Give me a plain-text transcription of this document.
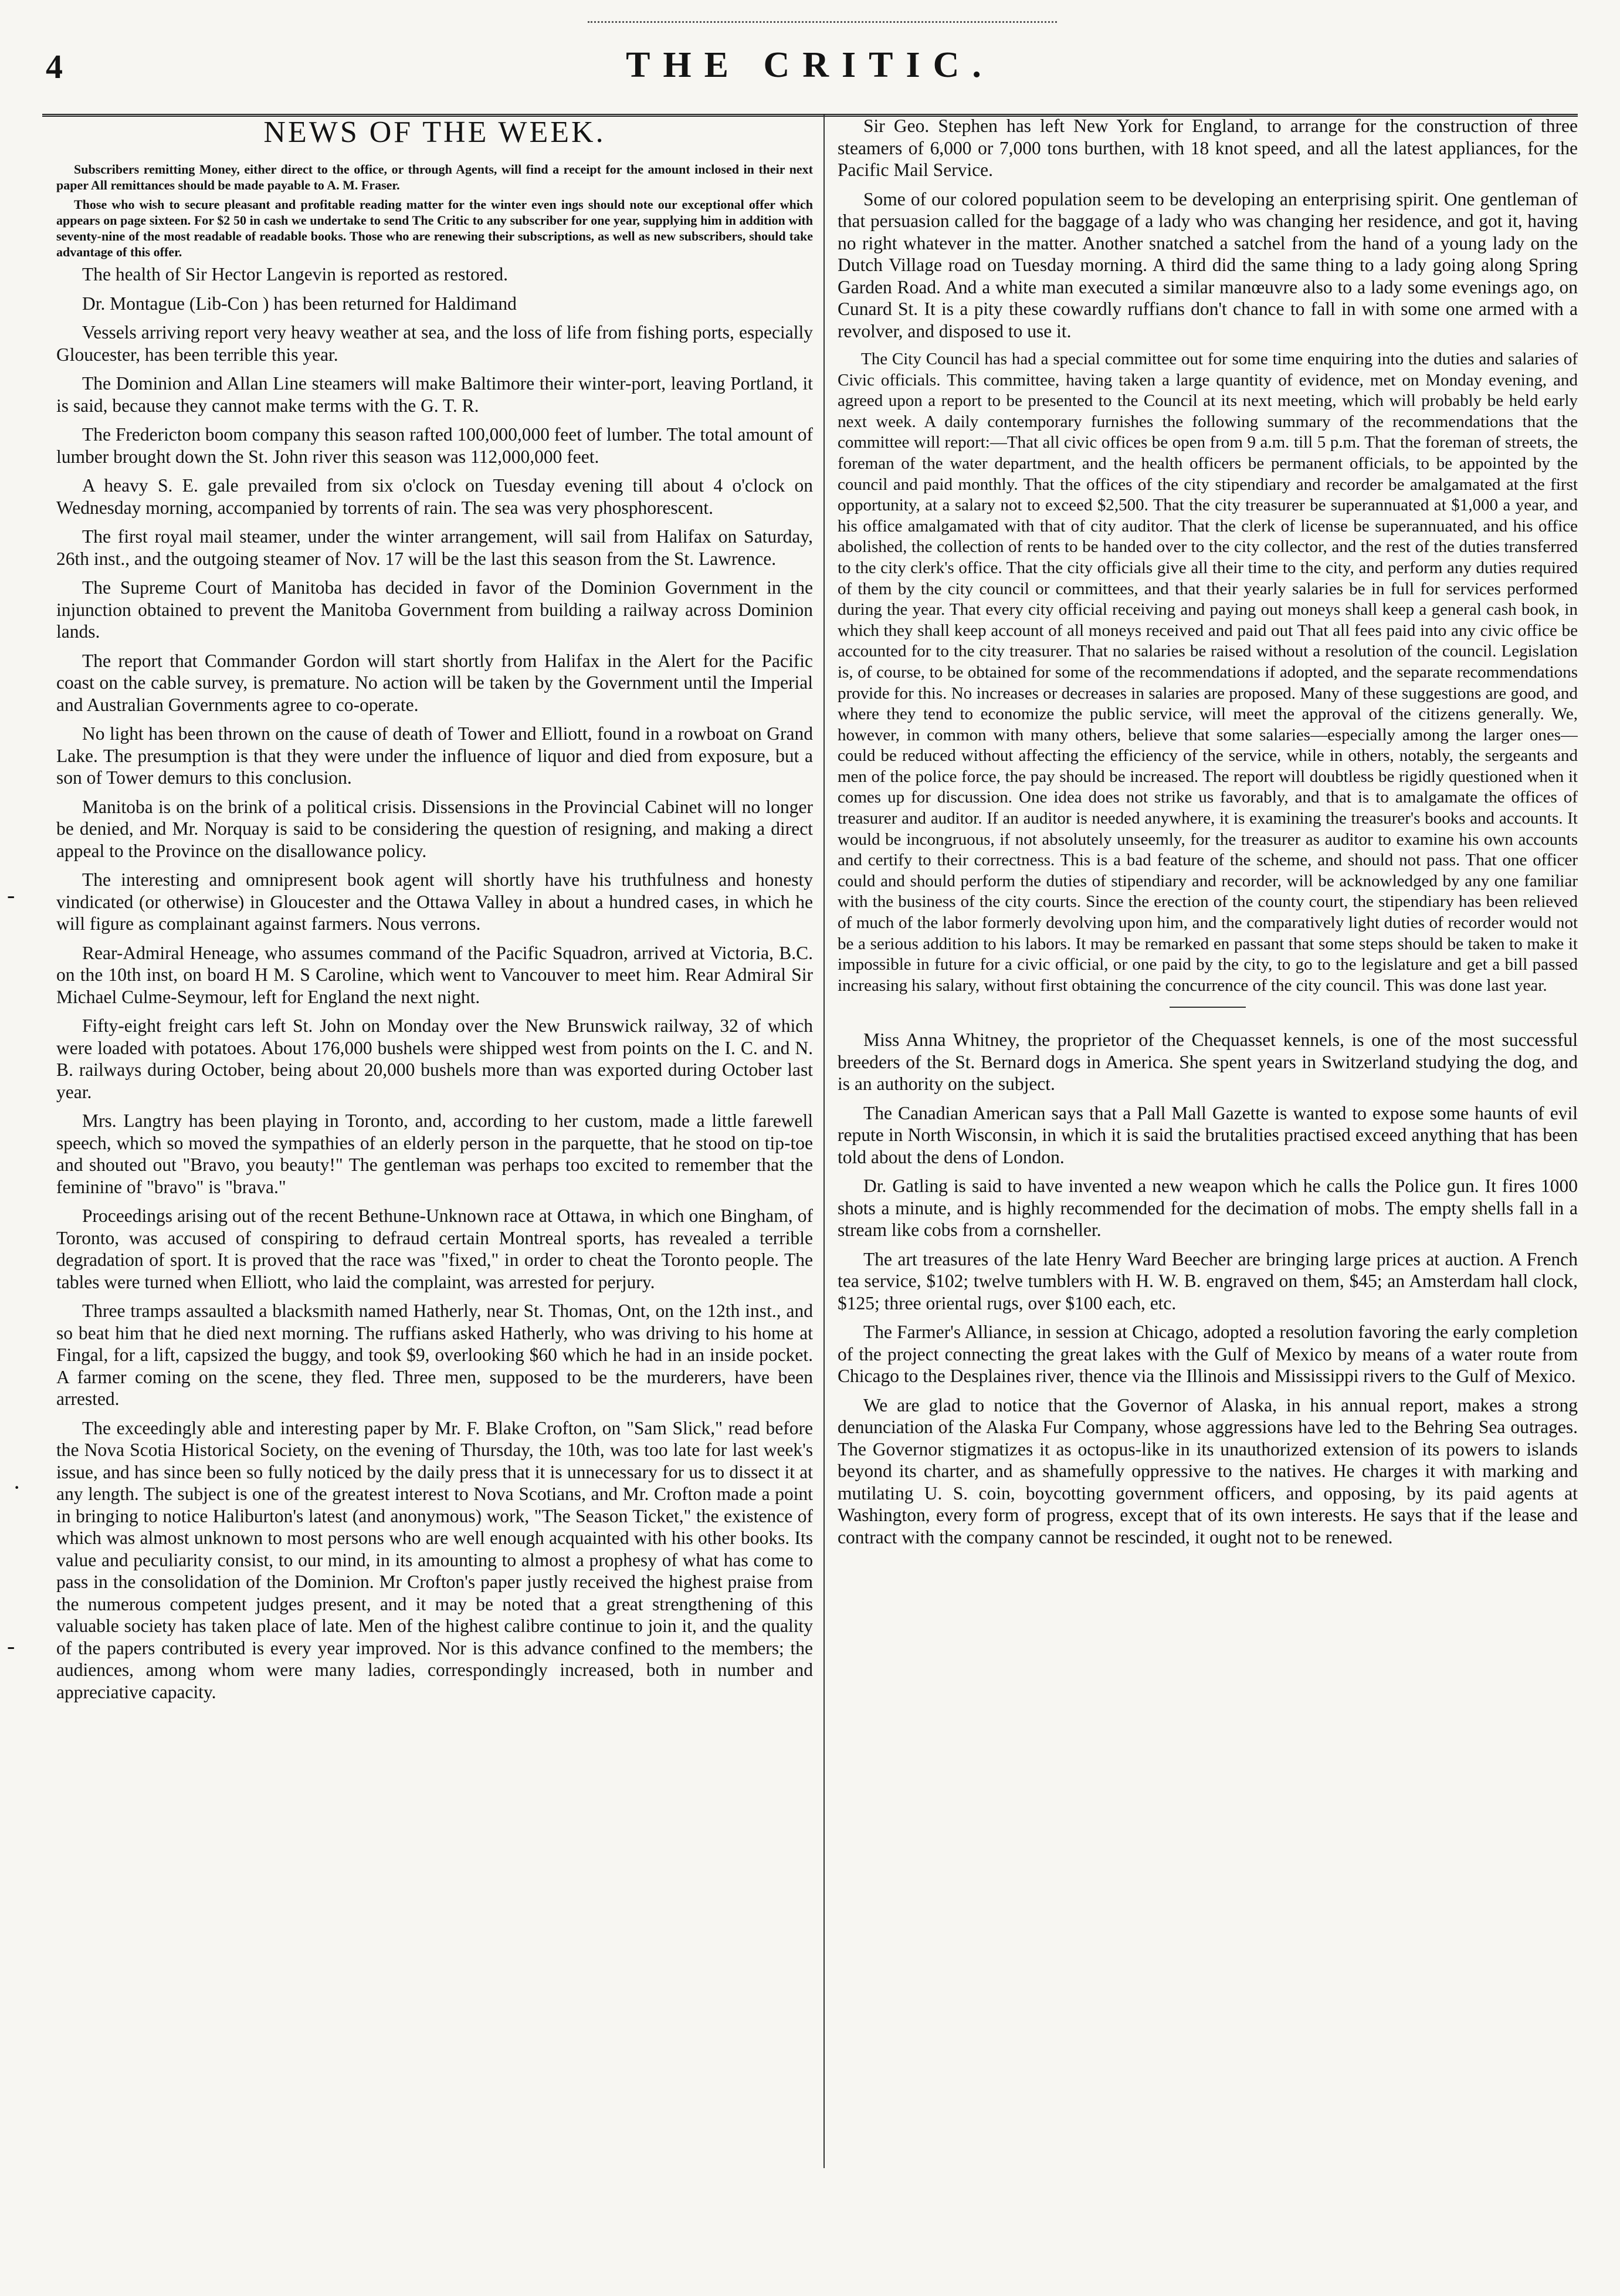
4	THE CRITIC.
NEWS OF THE WEEK.

Subscribers remitting Money, either direct to the office, or through Agents, will find a receipt for the amount inclosed in their next paper All remittances should be made payable to A. M. Fraser.

Those who wish to secure pleasant and profitable reading matter for the winter even ings should note our exceptional offer which appears on page sixteen. For $2 50 in cash we undertake to send The Critic to any subscriber for one year, supplying him in addition with seventy-nine of the most readable of readable books. Those who are renewing their subscriptions, as well as new subscribers, should take advantage of this offer.

The health of Sir Hector Langevin is reported as restored.

Dr. Montague (Lib-Con ) has been returned for Haldimand

Vessels arriving report very heavy weather at sea, and the loss of life from fishing ports, especially Gloucester, has been terrible this year.

The Dominion and Allan Line steamers will make Baltimore their winter-port, leaving Portland, it is said, because they cannot make terms with the G. T. R.

The Fredericton boom company this season rafted 100,000,000 feet of lumber. The total amount of lumber brought down the St. John river this season was 112,000,000 feet.

A heavy S. E. gale prevailed from six o'clock on Tuesday evening till about 4 o'clock on Wednesday morning, accompanied by torrents of rain. The sea was very phosphorescent.

The first royal mail steamer, under the winter arrangement, will sail from Halifax on Saturday, 26th inst., and the outgoing steamer of Nov. 17 will be the last this season from the St. Lawrence.

The Supreme Court of Manitoba has decided in favor of the Dominion Government in the injunction obtained to prevent the Manitoba Government from building a railway across Dominion lands.

The report that Commander Gordon will start shortly from Halifax in the Alert for the Pacific coast on the cable survey, is premature. No action will be taken by the Government until the Imperial and Australian Governments agree to co-operate.

No light has been thrown on the cause of death of Tower and Elliott, found in a rowboat on Grand Lake. The presumption is that they were under the influence of liquor and died from exposure, but a son of Tower demurs to this conclusion.

Manitoba is on the brink of a political crisis. Dissensions in the Provincial Cabinet will no longer be denied, and Mr. Norquay is said to be considering the question of resigning, and making a direct appeal to the Province on the disallowance policy.

The interesting and omnipresent book agent will shortly have his truthfulness and honesty vindicated (or otherwise) in Gloucester and the Ottawa Valley in about a hundred cases, in which he will figure as complainant against farmers. Nous verrons.

Rear-Admiral Heneage, who assumes command of the Pacific Squadron, arrived at Victoria, B.C. on the 10th inst, on board H M. S Caroline, which went to Vancouver to meet him. Rear Admiral Sir Michael Culme-Seymour, left for England the next night.

Fifty-eight freight cars left St. John on Monday over the New Brunswick railway, 32 of which were loaded with potatoes. About 176,000 bushels were shipped west from points on the I. C. and N. B. railways during October, being about 20,000 bushels more than was exported during October last year.

Mrs. Langtry has been playing in Toronto, and, according to her custom, made a little farewell speech, which so moved the sympathies of an elderly person in the parquette, that he stood on tip-toe and shouted out "Bravo, you beauty!" The gentleman was perhaps too excited to remember that the feminine of "bravo" is "brava."

Proceedings arising out of the recent Bethune-Unknown race at Ottawa, in which one Bingham, of Toronto, was accused of conspiring to defraud certain Montreal sports, has revealed a terrible degradation of sport. It is proved that the race was "fixed," in order to cheat the Toronto people. The tables were turned when Elliott, who laid the complaint, was arrested for perjury.

Three tramps assaulted a blacksmith named Hatherly, near St. Thomas, Ont, on the 12th inst., and so beat him that he died next morning. The ruffians asked Hatherly, who was driving to his home at Fingal, for a lift, capsized the buggy, and took $9, overlooking $60 which he had in an inside pocket. A farmer coming on the scene, they fled. Three men, supposed to be the murderers, have been arrested.

The exceedingly able and interesting paper by Mr. F. Blake Crofton, on "Sam Slick," read before the Nova Scotia Historical Society, on the evening of Thursday, the 10th, was too late for last week's issue, and has since been so fully noticed by the daily press that it is unnecessary for us to dissect it at any length. The subject is one of the greatest interest to Nova Scotians, and Mr. Crofton made a point in bringing to notice Haliburton's latest (and anonymous) work, "The Season Ticket," the existence of which was almost unknown to most persons who are well enough acquainted with his other books. Its value and peculiarity consist, to our mind, in its amounting to almost a prophesy of what has come to pass in the consolidation of the Dominion. Mr Crofton's paper justly received the highest praise from the numerous competent judges present, and it may be noted that a great strengthening of this valuable society has taken place of late. Men of the highest calibre continue to join it, and the quality of the papers contributed is every year improved. Nor is this advance confined to the members; the audiences, among whom were many ladies, correspondingly increased, both in number and appreciative capacity.

Sir Geo. Stephen has left New York for England, to arrange for the construction of three steamers of 6,000 or 7,000 tons burthen, with 18 knot speed, and all the latest appliances, for the Pacific Mail Service.

Some of our colored population seem to be developing an enterprising spirit. One gentleman of that persuasion called for the baggage of a lady who was changing her residence, and got it, having no right whatever in the matter. Another snatched a satchel from the hand of a young lady on the Dutch Village road on Tuesday morning. A third did the same thing to a lady going along Spring Garden Road. And a white man executed a similar manœuvre also to a lady some evenings ago, on Cunard St. It is a pity these cowardly ruffians don't chance to fall in with some one armed with a revolver, and disposed to use it.

The City Council has had a special committee out for some time enquiring into the duties and salaries of Civic officials. This committee, having taken a large quantity of evidence, met on Monday evening, and agreed upon a report to be presented to the Council at its next meeting, which will probably be held early next week. A daily contemporary furnishes the following summary of the recommendations that the committee will report:—That all civic offices be open from 9 a.m. till 5 p.m. That the foreman of streets, the foreman of the water department, and the health officers be permanent officials, to be appointed by the council and paid monthly. That the offices of the city stipendiary and recorder be amalgamated at the first opportunity, at a salary not to exceed $2,500. That the city treasurer be superannuated at $1,000 a year, and his office amalgamated with that of city auditor. That the clerk of license be superannuated, and his office abolished, the collection of rents to be handed over to the city collector, and the rest of the duties transferred to the city clerk's office. That the city officials give all their time to the city, and perform any duties required of them by the city council or committees, and that their yearly salaries be in full for services performed during the year. That every city official receiving and paying out moneys shall keep a general cash book, in which they shall keep account of all moneys received and paid out That all fees paid into any civic office be accounted for to the city treasurer. That no salaries be raised without a resolution of the council. Legislation is, of course, to be obtained for some of the recommendations if adopted, and the separate recommendations provide for this. No increases or decreases in salaries are proposed. Many of these suggestions are good, and where they tend to economize the public service, will meet the approval of the citizens generally. We, however, in common with many others, believe that some salaries—especially among the larger ones—could be reduced without affecting the efficiency of the service, while in others, notably, the sergeants and men of the police force, the pay should be increased. The report will doubtless be rigidly questioned when it comes up for discussion. One idea does not strike us favorably, and that is to amalgamate the offices of treasurer and auditor. If an auditor is needed anywhere, it is examining the treasurer's books and accounts. It would be incongruous, if not absolutely unseemly, for the treasurer as auditor to examine his own accounts and certify to their correctness. This is a bad feature of the scheme, and should not pass. That one officer could and should perform the duties of stipendiary and recorder, will be acknowledged by any one familiar with the business of the city courts. Since the erection of the county court, the stipendiary has been relieved of much of the labor formerly devolving upon him, and the comparatively light duties of recorder would not be a serious addition to his labors. It may be remarked en passant that some steps should be taken to make it impossible in future for a civic official, or one paid by the city, to go to the legislature and get a bill passed increasing his salary, without first obtaining the concurrence of the city council. This was done last year.

Miss Anna Whitney, the proprietor of the Chequasset kennels, is one of the most successful breeders of the St. Bernard dogs in America. She spent years in Switzerland studying the dog, and is an authority on the subject.

The Canadian American says that a Pall Mall Gazette is wanted to expose some haunts of evil repute in North Wisconsin, in which it is said the brutalities practised exceed anything that has been told about the dens of London.

Dr. Gatling is said to have invented a new weapon which he calls the Police gun. It fires 1000 shots a minute, and is highly recommended for the decimation of mobs. The empty shells fall in a stream like cobs from a cornsheller.

The art treasures of the late Henry Ward Beecher are bringing large prices at auction. A French tea service, $102; twelve tumblers with H. W. B. engraved on them, $45; an Amsterdam hall clock, $125; three oriental rugs, over $100 each, etc.

The Farmer's Alliance, in session at Chicago, adopted a resolution favoring the early completion of the project connecting the great lakes with the Gulf of Mexico by means of a water route from Chicago to the Desplaines river, thence via the Illinois and Mississippi rivers to the Gulf of Mexico.

We are glad to notice that the Governor of Alaska, in his annual report, makes a strong denunciation of the Alaska Fur Company, whose aggressions have led to the Behring Sea outrages. The Governor stigmatizes it as octopus-like in its unauthorized extension of its powers to islands beyond its charter, and as shamefully oppressive to the natives. He charges it with marking and mutilating U. S. coin, boycotting government officers, and opposing, by its paid agents at Washington, every form of progress, except that of its own interests. He says that if the lease and contract with the company cannot be rescinded, it ought not to be renewed.

-
·
-
